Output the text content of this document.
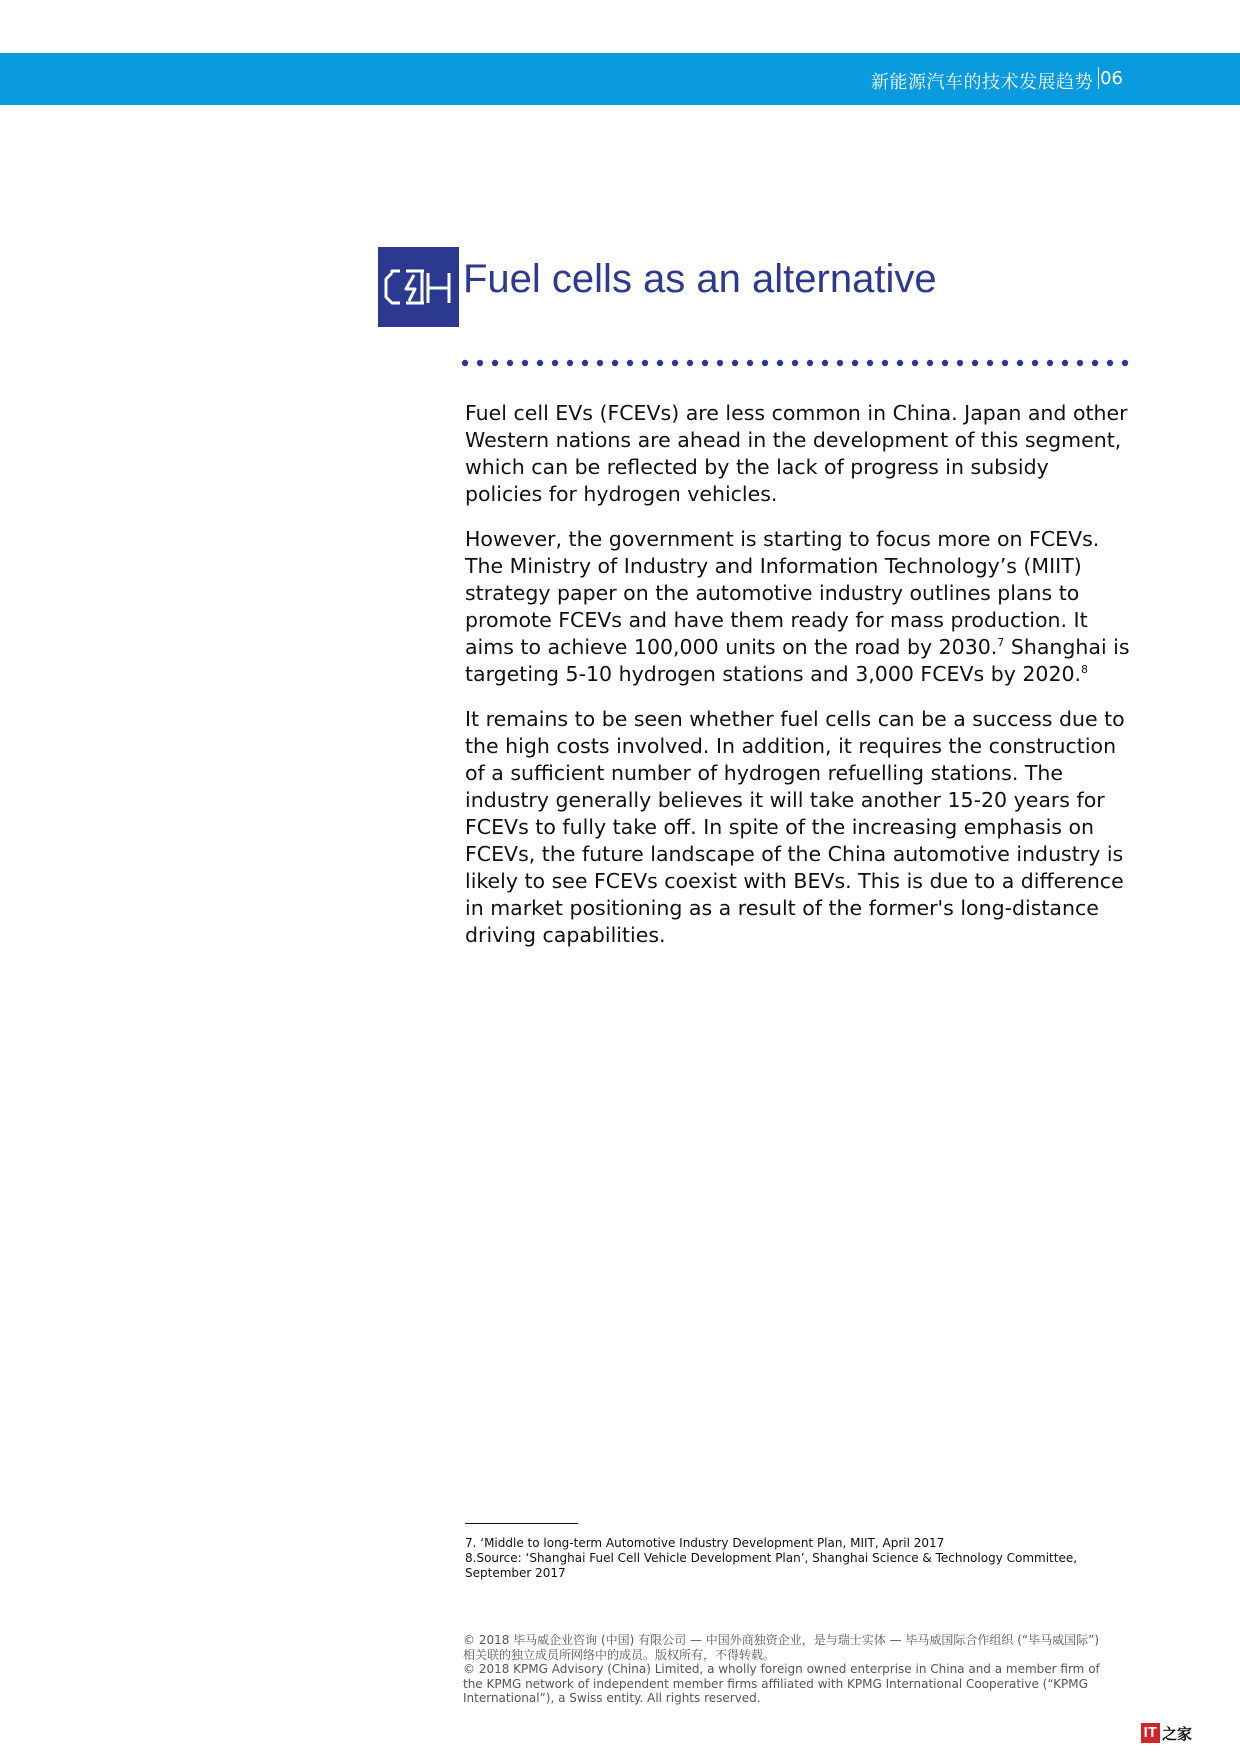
新能源汽车的技术发展趋势 06
Fuel cells as an alternative

Fuel cell EVs (FCEVs) are less common in China. Japan and other Western nations are ahead in the development of this segment, which can be reflected by the lack of progress in subsidy policies for hydrogen vehicles.

However, the government is starting to focus more on FCEVs. The Ministry of Industry and Information Technology’s (MIIT) strategy paper on the automotive industry outlines plans to promote FCEVs and have them ready for mass production. It aims to achieve 100,000 units on the road by 2030.$^7$ Shanghai is targeting 5-10 hydrogen stations and 3,000 FCEVs by 2020.$^8$

It remains to be seen whether fuel cells can be a success due to the high costs involved. In addition, it requires the construction of a sufficient number of hydrogen refuelling stations. The industry generally believes it will take another 15-20 years for FCEVs to fully take off. In spite of the increasing emphasis on FCEVs, the future landscape of the China automotive industry is likely to see FCEVs coexist with BEVs. This is due to a difference in market positioning as a result of the former's long-distance driving capabilities.

7. ‘Middle to long-term Automotive Industry Development Plan, MIIT, April 2017
8.Source: ‘Shanghai Fuel Cell Vehicle Development Plan’, Shanghai Science & Technology Committee, September 2017
© 2018 毕马威企业咨询 (中国) 有限公司 — 中国外商独资企业，是与瑞士实体 — 毕马威国际合作组织 (“毕马威国际”)
相关联的独立成员所网络中的成员。版权所有，不得转载。
© 2018 KPMG Advisory (China) Limited, a wholly foreign owned enterprise in China and a member firm of
the KPMG network of independent member firms affiliated with KPMG International Cooperative (“KPMG
International”), a Swiss entity. All rights reserved.
IT 之家
